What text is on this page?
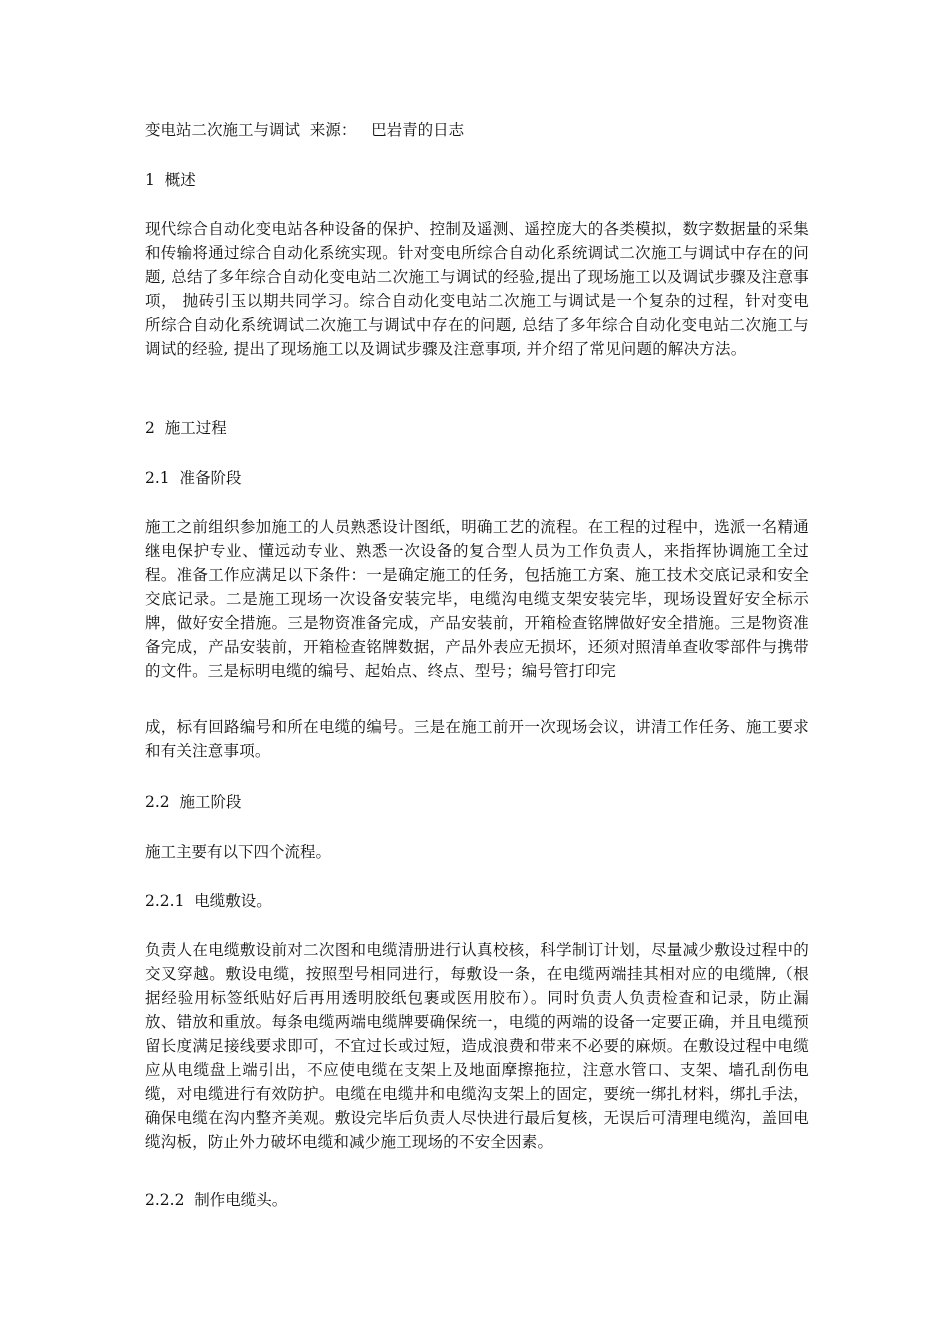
变电站二次施工与调试  来源：   巴岩青的日志

1  概述

现代综合自动化变电站各种设备的保护、控制及遥测、遥控庞大的各类模拟，数字数据量的采集和传输将通过综合自动化系统实现。针对变电所综合自动化系统调试二次施工与调试中存在的问题, 总结了多年综合自动化变电站二次施工与调试的经验,提出了现场施工以及调试步骤及注意事项， 抛砖引玉以期共同学习。综合自动化变电站二次施工与调试是一个复杂的过程，针对变电所综合自动化系统调试二次施工与调试中存在的问题, 总结了多年综合自动化变电站二次施工与调试的经验, 提出了现场施工以及调试步骤及注意事项, 并介绍了常见问题的解决方法。

2  施工过程

2.1  准备阶段

施工之前组织参加施工的人员熟悉设计图纸，明确工艺的流程。在工程的过程中，选派一名精通继电保护专业、懂远动专业、熟悉一次设备的复合型人员为工作负责人，来指挥协调施工全过程。准备工作应满足以下条件：一是确定施工的任务，包括施工方案、施工技术交底记录和安全交底记录。二是施工现场一次设备安装完毕，电缆沟电缆支架安装完毕，现场设置好安全标示牌，做好安全措施。三是物资准备完成，产品安装前，开箱检查铭牌做好安全措施。三是物资准备完成，产品安装前，开箱检查铭牌数据，产品外表应无损坏，还须对照清单查收零部件与携带的文件。三是标明电缆的编号、起始点、终点、型号；编号管打印完

成，标有回路编号和所在电缆的编号。三是在施工前开一次现场会议，讲清工作任务、施工要求和有关注意事项。

2.2  施工阶段

施工主要有以下四个流程。

2.2.1  电缆敷设。

负责人在电缆敷设前对二次图和电缆清册进行认真校核，科学制订计划，尽量减少敷设过程中的交叉穿越。敷设电缆，按照型号相同进行，每敷设一条，在电缆两端挂其相对应的电缆牌,（根据经验用标签纸贴好后再用透明胶纸包裹或医用胶布）。同时负责人负责检查和记录，防止漏放、错放和重放。每条电缆两端电缆牌要确保统一，电缆的两端的设备一定要正确，并且电缆预留长度满足接线要求即可，不宜过长或过短，造成浪费和带来不必要的麻烦。在敷设过程中电缆应从电缆盘上端引出，不应使电缆在支架上及地面摩擦拖拉，注意水管口、支架、墙孔刮伤电缆，对电缆进行有效防护。电缆在电缆井和电缆沟支架上的固定，要统一绑扎材料，绑扎手法，确保电缆在沟内整齐美观。敷设完毕后负责人尽快进行最后复核，无误后可清理电缆沟，盖回电缆沟板，防止外力破坏电缆和减少施工现场的不安全因素。

2.2.2  制作电缆头。
